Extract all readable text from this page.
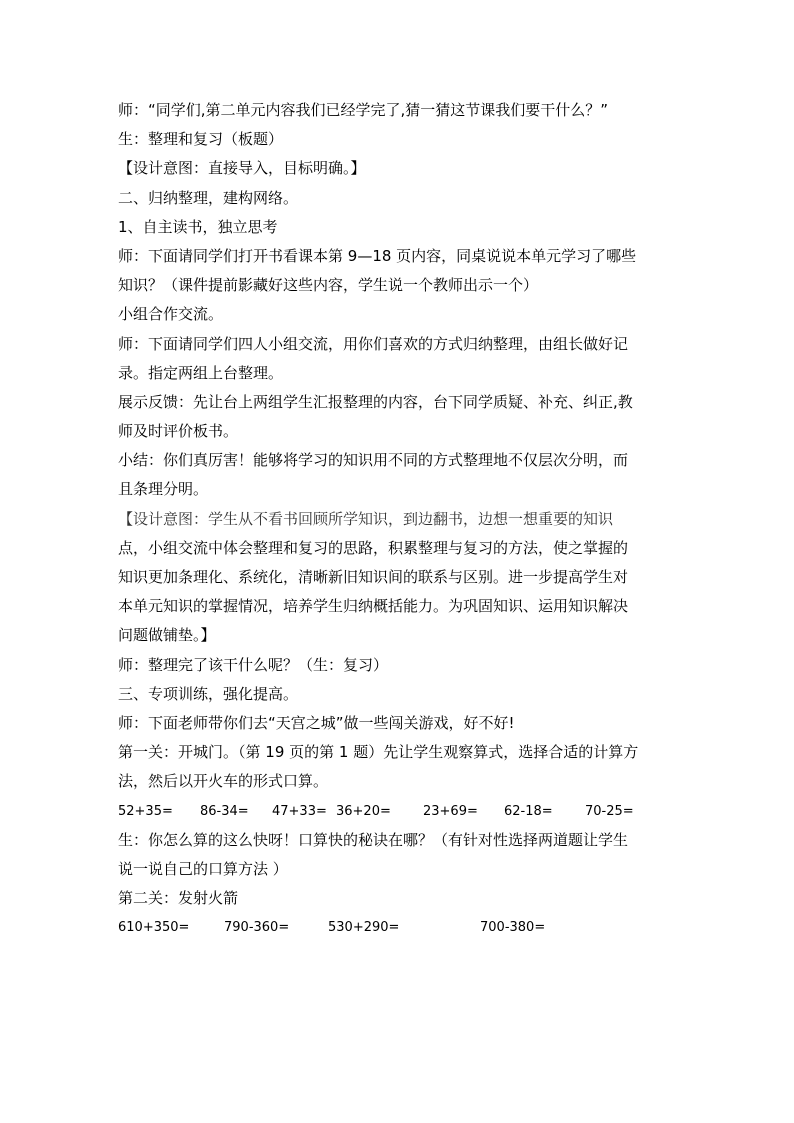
师：“同学们,第二单元内容我们已经学完了,猜一猜这节课我们要干什么？”
生：整理和复习（板题）
【设计意图：直接导入，目标明确。】
二、归纳整理，建构网络。
1、自主读书，独立思考
师：下面请同学们打开书看课本第 9—18 页内容，同桌说说本单元学习了哪些
知识？（课件提前影藏好这些内容，学生说一个教师出示一个）
小组合作交流。
师：下面请同学们四人小组交流，用你们喜欢的方式归纳整理，由组长做好记
录。指定两组上台整理。
展示反馈：先让台上两组学生汇报整理的内容，台下同学质疑、补充、纠正,教
师及时评价板书。
小结：你们真厉害！能够将学习的知识用不同的方式整理地不仅层次分明，而
且条理分明。
【设计意图：学生从不看书回顾所学知识，到边翻书，边想一想重要的知识
点，小组交流中体会整理和复习的思路，积累整理与复习的方法，使之掌握的
知识更加条理化、系统化，清晰新旧知识间的联系与区别。进一步提高学生对
本单元知识的掌握情况，培养学生归纳概括能力。为巩固知识、运用知识解决
问题做铺垫。】
师：整理完了该干什么呢？（生：复习）
三、专项训练，强化提高。
师：下面老师带你们去“天宫之城”做一些闯关游戏，好不好!
第一关：开城门。（第 19 页的第 1 题）先让学生观察算式，选择合适的计算方
法，然后以开火车的形式口算。
52+35= 86-34= 47+33= 36+20= 23+69= 62-18= 70-25=
生：你怎么算的这么快呀！口算快的秘诀在哪？（有针对性选择两道题让学生
说一说自己的口算方法 ）
第二关：发射火箭
610+350=	790-360=	530+290=	700-380=
